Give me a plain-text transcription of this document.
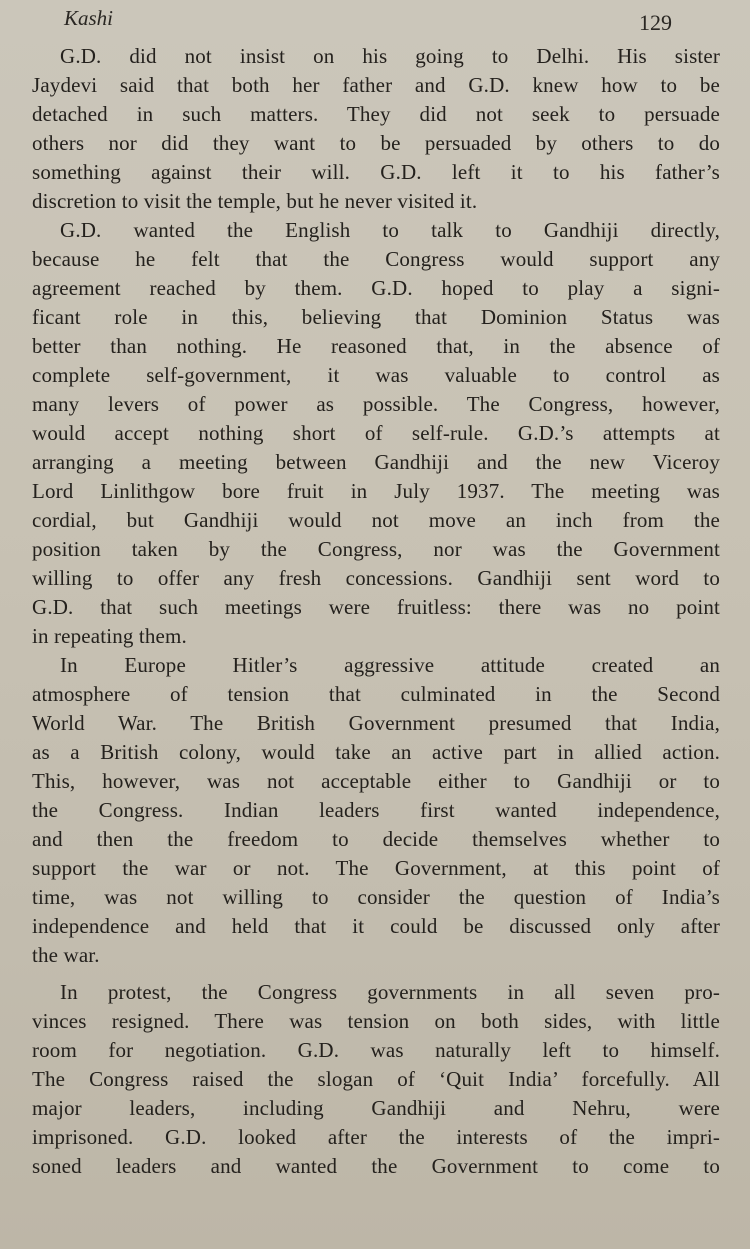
Kashi	129
G.D. did not insist on his going to Delhi. His sister
Jaydevi said that both her father and G.D. knew how to be
detached in such matters. They did not seek to persuade
others nor did they want to be persuaded by others to do
something against their will. G.D. left it to his father’s
discretion to visit the temple, but he never visited it.
G.D. wanted the English to talk to Gandhiji directly,
because he felt that the Congress would support any
agreement reached by them. G.D. hoped to play a signi-
ficant role in this, believing that Dominion Status was
better than nothing. He reasoned that, in the absence of
complete self-government, it was valuable to control as
many levers of power as possible. The Congress, however,
would accept nothing short of self-rule. G.D.’s attempts at
arranging a meeting between Gandhiji and the new Viceroy
Lord Linlithgow bore fruit in July 1937. The meeting was
cordial, but Gandhiji would not move an inch from the
position taken by the Congress, nor was the Government
willing to offer any fresh concessions. Gandhiji sent word to
G.D. that such meetings were fruitless: there was no point
in repeating them.
In Europe Hitler’s aggressive attitude created an
atmosphere of tension that culminated in the Second
World War. The British Government presumed that India,
as a British colony, would take an active part in allied action.
This, however, was not acceptable either to Gandhiji or to
the Congress. Indian leaders first wanted independence,
and then the freedom to decide themselves whether to
support the war or not. The Government, at this point of
time, was not willing to consider the question of India’s
independence and held that it could be discussed only after
the war.
In protest, the Congress governments in all seven pro-
vinces resigned. There was tension on both sides, with little
room for negotiation. G.D. was naturally left to himself.
The Congress raised the slogan of ‘Quit India’ forcefully. All
major leaders, including Gandhiji and Nehru, were
imprisoned. G.D. looked after the interests of the impri-
soned leaders and wanted the Government to come to
